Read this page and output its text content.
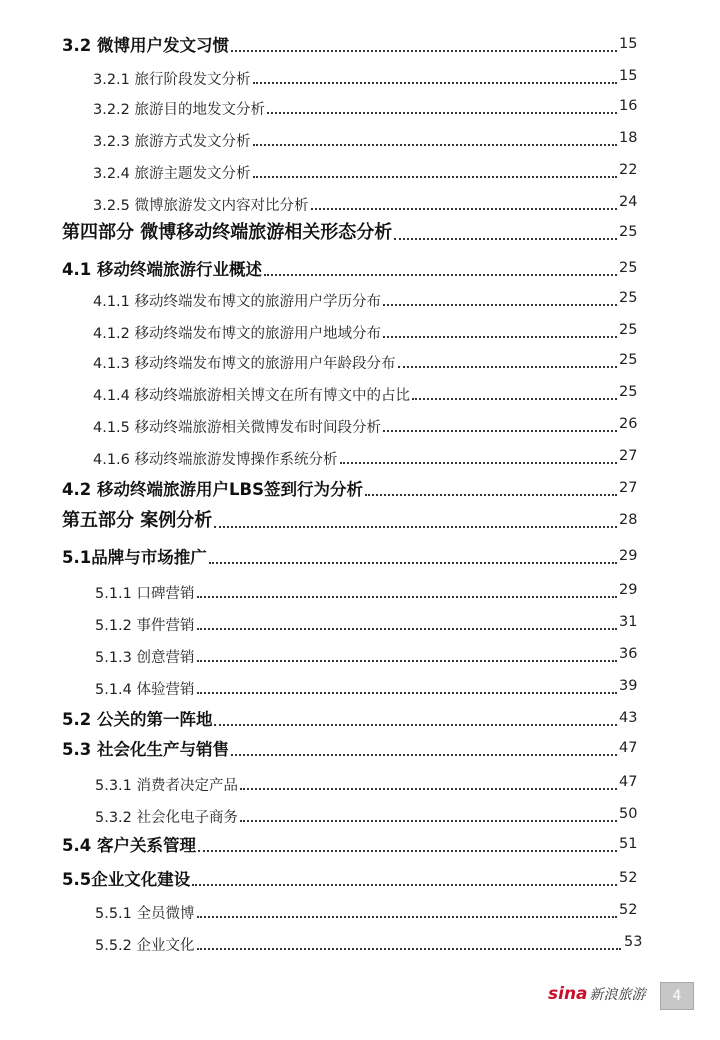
3.2 微博用户发文习惯	15
3.2.1 旅行阶段发文分析	15
3.2.2 旅游目的地发文分析	16
3.2.3 旅游方式发文分析	18
3.2.4 旅游主题发文分析	22
3.2.5 微博旅游发文内容对比分析	24
第四部分 微博移动终端旅游相关形态分析	25
4.1 移动终端旅游行业概述	25
4.1.1 移动终端发布博文的旅游用户学历分布	25
4.1.2 移动终端发布博文的旅游用户地域分布	25
4.1.3 移动终端发布博文的旅游用户年龄段分布	25
4.1.4 移动终端旅游相关博文在所有博文中的占比	25
4.1.5 移动终端旅游相关微博发布时间段分析	26
4.1.6 移动终端旅游发博操作系统分析	27
4.2 移动终端旅游用户LBS签到行为分析	27
第五部分 案例分析	28
5.1品牌与市场推广	29
5.1.1 口碑营销	29
5.1.2 事件营销	31
5.1.3 创意营销	36
5.1.4 体验营销	39
5.2 公关的第一阵地	43
5.3 社会化生产与销售	47
5.3.1 消费者决定产品	47
5.3.2 社会化电子商务	50
5.4 客户关系管理	51
5.5企业文化建设	52
5.5.1 全员微博	52
5.5.2 企业文化	53
sina 新浪旅游	4
